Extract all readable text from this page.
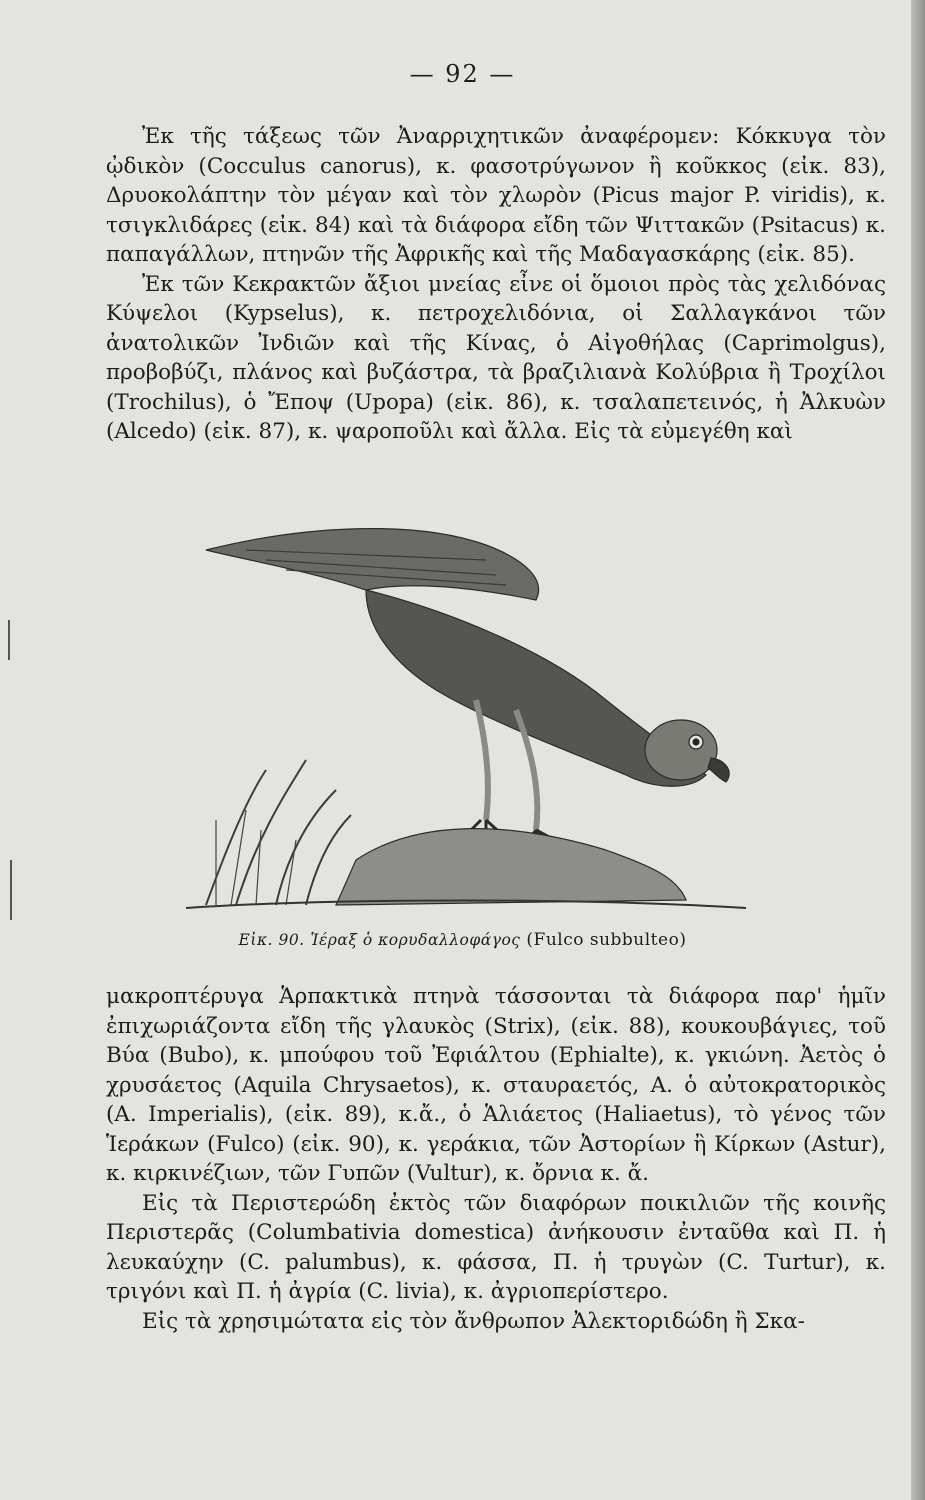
— 92 —

Ἐκ τῆς τάξεως τῶν Ἀναρριχητικῶν ἀναφέρομεν: Κόκκυγα τὸν ᾠδικὸν (Cocculus canorus), κ. φασοτρύγωνον ἢ κοῦκκος (εἰκ. 83), Δρυοκολάπτην τὸν μέγαν καὶ τὸν χλωρὸν (Picus major P. viridis), κ. τσιγκλιδάρες (εἰκ. 84) καὶ τὰ διάφορα εἴδη τῶν Ψιττακῶν (Psitacus) κ. παπαγάλλων, πτηνῶν τῆς Ἀφρικῆς καὶ τῆς Μαδαγασκάρης (εἰκ. 85).

Ἐκ τῶν Κεκρακτῶν ἄξιοι μνείας εἶνε οἱ ὅμοιοι πρὸς τὰς χελιδόνας Κύψελοι (Kypselus), κ. πετροχελιδόνια, οἱ Σαλλαγκάνοι τῶν ἀνατολικῶν Ἰνδιῶν καὶ τῆς Κίνας, ὁ Αἰγοθήλας (Caprimolgus), προβοβύζι, πλάνος καὶ βυζάστρα, τὰ βραζιλιανὰ Κολύβρια ἢ Τροχίλοι (Trochilus), ὁ Ἔποψ (Upopa) (εἰκ. 86), κ. τσαλαπετεινός, ἡ Ἀλκυὼν (Alcedo) (εἰκ. 87), κ. ψαροποῦλι καὶ ἄλλα. Εἰς τὰ εὐμεγέθη καὶ

Εἰκ. 90. Ἱέραξ ὁ κορυδαλλοφάγος (Fulco subbulteo)

μακροπτέρυγα Ἁρπακτικὰ πτηνὰ τάσσονται τὰ διάφορα παρ' ἡμῖν ἐπιχωριάζοντα εἴδη τῆς γλαυκὸς (Strix), (εἰκ. 88), κουκουβάγιες, τοῦ Βύα (Bubo), κ. μπούφου τοῦ Ἐφιάλτου (Ephialte), κ. γκιώνη. Ἀετὸς ὁ χρυσάετος (Aquila Chrysaetos), κ. σταυραετός, Α. ὁ αὐτοκρατορικὸς (A. Imperialis), (εἰκ. 89), κ.ἄ., ὁ Ἁλιάετος (Haliaetus), τὸ γένος τῶν Ἱεράκων (Fulco) (εἰκ. 90), κ. γεράκια, τῶν Ἀστορίων ἢ Κίρκων (Astur), κ. κιρκινέζιων, τῶν Γυπῶν (Vultur), κ. ὄρνια κ. ἄ.

Εἰς τὰ Περιστερώδη ἐκτὸς τῶν διαφόρων ποικιλιῶν τῆς κοινῆς Περιστερᾶς (Columbativia domestica) ἀνήκουσιν ἐνταῦθα καὶ Π. ἡ λευκαύχην (C. palumbus), κ. φάσσα, Π. ἡ τρυγὼν (C. Turtur), κ. τριγόνι καὶ Π. ἡ ἀγρία (C. livia), κ. ἀγριοπερίστερο.

Εἰς τὰ χρησιμώτατα εἰς τὸν ἄνθρωπον Ἀλεκτοριδώδη ἢ Σκα-
